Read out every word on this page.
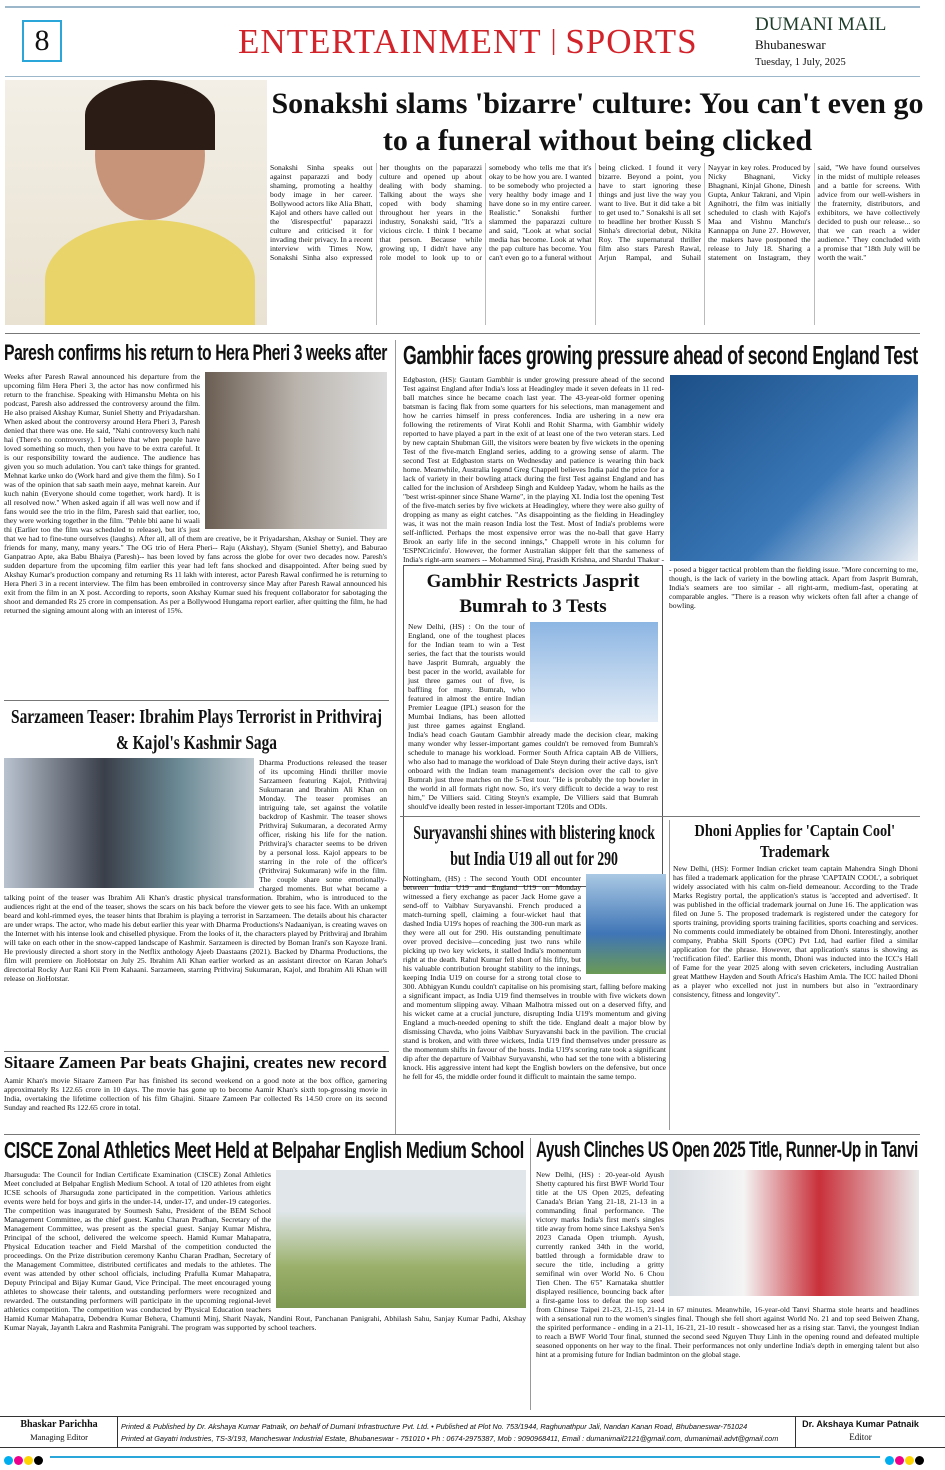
8	ENTERTAINMENT | SPORTS	DUMANI MAIL
Bhubaneswar
Tuesday, 1 July, 2025
Sonakshi slams 'bizarre' culture: You can't even go to a funeral without being clicked
Sonakshi Sinha speaks out against paparazzi and body shaming, promoting a healthy body image in her career. Bollywood actors like Alia Bhatt, Kajol and others have called out the 'disrespectful' paparazzi culture and criticised it for invading their privacy. In a recent interview with Times Now, Sonakshi Sinha also expressed her thoughts on the paparazzi culture and opened up about dealing with body shaming. Talking about the ways she coped with body shaming throughout her years in the industry, Sonakshi said, "It's a vicious circle. I think I became that person. Because while growing up, I didn't have any role model to look up to or somebody who tells me that it's okay to be how you are. I wanted to be somebody who projected a very healthy body image and I have done so in my entire career. Realistic." Sonakshi further slammed the paparazzi culture and said, "Look at what social media has become. Look at what the pap culture has become. You can't even go to a funeral without being clicked. I found it very bizarre. Beyond a point, you have to start ignoring these things and just live the way you want to live. But it did take a bit to get used to." Sonakshi is all set to headline her brother Kussh S Sinha's directorial debut, Nikita Roy. The supernatural thriller film also stars Paresh Rawal, Arjun Rampal, and Suhail Nayyar in key roles. Produced by Nicky Bhagnani, Vicky Bhagnani, Kinjal Ghone, Dinesh Gupta, Ankur Takrani, and Vipin Agnihotri, the film was initially scheduled to clash with Kajol's Maa and Vishnu Manchu's Kannappa on June 27. However, the makers have postponed the release to July 18. Sharing a statement on Instagram, they said, "We have found ourselves in the midst of multiple releases and a battle for screens. With advice from our well-wishers in the fraternity, distributors, and exhibitors, we have collectively decided to push our release... so that we can reach a wider audience." They concluded with a promise that "18th July will be worth the wait."
Paresh confirms his return to Hera Pheri 3 weeks after
Weeks after Paresh Rawal announced his departure from the upcoming film Hera Pheri 3, the actor has now confirmed his return to the franchise. Speaking with Himanshu Mehta on his podcast, Paresh also addressed the controversy around the film. He also praised Akshay Kumar, Suniel Shetty and Priyadarshan. When asked about the controversy around Hera Pheri 3, Paresh denied that there was one. He said, "Nahi controversy kuch nahi hai (There's no controversy). I believe that when people have loved something so much, then you have to be extra careful. It is our responsibility toward the audience. The audience has given you so much adulation. You can't take things for granted. Mehnat karke unko do (Work hard and give them the film). So I was of the opinion that sab saath mein aaye, mehnat karein. Aur kuch nahin (Everyone should come together, work hard). It is all resolved now." When asked again if all was well now and if fans would see the trio in the film, Paresh said that earlier, too, they were working together in the film. "Pehle bhi aane hi waali thi (Earlier too the film was scheduled to release), but it's just that we had to fine-tune ourselves (laughs). After all, all of them are creative, be it Priyadarshan, Akshay or Suniel. They are friends for many, many, many years." The OG trio of Hera Pheri-- Raju (Akshay), Shyam (Suniel Shetty), and Baburao Ganpatrao Apte, aka Babu Bhaiya (Paresh)-- has been loved by fans across the globe for over two decades now. Paresh's sudden departure from the upcoming film earlier this year had left fans shocked and disappointed. After being sued by Akshay Kumar's production company and returning Rs 11 lakh with interest, actor Paresh Rawal confirmed he is returning to Hera Pheri 3 in a recent interview. The film has been embroiled in controversy since May after Paresh Rawal announced his exit from the film in an X post. According to reports, soon Akshay Kumar sued his frequent collaborator for sabotaging the shoot and demanded Rs 25 crore in compensation. As per a Bollywood Hungama report earlier, after quitting the film, he had returned the signing amount along with an interest of 15%.
Gambhir faces growing pressure ahead of second England Test
Gambhir Restricts Jasprit Bumrah to 3 Tests
New Delhi, (HS) : On the tour of England, one of the toughest places for the Indian team to win a Test series, the fact that the tourists would have Jasprit Bumrah, arguably the best pacer in the world, available for just three games out of five, is baffling for many. Bumrah, who featured in almost the entire Indian Premier League (IPL) season for the Mumbai Indians, has been allotted just three games against England. India's head coach Gautam Gambhir already made the decision clear, making many wonder why lesser-important games couldn't be removed from Bumrah's schedule to manage his workload. Former South Africa captain AB de Villiers, who also had to manage the workload of Dale Steyn during their active days, isn't onboard with the Indian team management's decision over the call to give Bumrah just three matches on the 5-Test tour. "He is probably the top bowler in the world in all formats right now. So, it's very difficult to decide a way to rest him," De Villiers said. Citing Steyn's example, De Villiers said that Bumrah should've ideally been rested in lesser-important T20Is and ODIs.
Edgbaston, (HS): Gautam Gambhir is under growing pressure ahead of the second Test against England after India's loss at Headingley made it seven defeats in 11 red-ball matches since he became coach last year. The 43-year-old former opening batsman is facing flak from some quarters for his selections, man management and how he carries himself in press conferences. India are ushering in a new era following the retirements of Virat Kohli and Rohit Sharma, with Gambhir widely reported to have played a part in the exit of at least one of the two veteran stars. Led by new captain Shubman Gill, the visitors were beaten by five wickets in the opening Test of the five-match England series, adding to a growing sense of alarm. The second Test at Edgbaston starts on Wednesday and patience is wearing thin back home. Meanwhile, Australia legend Greg Chappell believes India paid the price for a lack of variety in their bowling attack during the first Test against England and has called for the inclusion of Arshdeep Singh and Kuldeep Yadav, whom he hails as the "best wrist-spinner since Shane Warne", in the playing XI. India lost the opening Test of the five-match series by five wickets at Headingley, where they were also guilty of dropping as many as eight catches. "As disappointing as the fielding in Headingley was, it was not the main reason India lost the Test. Most of India's problems were self-inflicted. Perhaps the most expensive error was the no-ball that gave Harry Brook an early life in the second innings," Chappell wrote in his column for 'ESPNCricinfo'. However, the former Australian skipper felt that the sameness of India's right-arm seamers -- Mohammed Siraj, Prasidh Krishna, and Shardul Thakur -- posed a bigger tactical problem than the fielding issue. "More concerning to me, though, is the lack of variety in the bowling attack. Apart from Jasprit Bumrah, India's seamers are too similar - all right-arm, medium-fast, operating at comparable angles. "There is a reason why wickets often fall after a change of bowling.
Sarzameen Teaser: Ibrahim Plays Terrorist in Prithviraj & Kajol's Kashmir Saga
Dharma Productions released the teaser of its upcoming Hindi thriller movie Sarzameen featuring Kajol, Prithviraj Sukumaran and Ibrahim Ali Khan on Monday. The teaser promises an intriguing tale, set against the volatile backdrop of Kashmir. The teaser shows Prithviraj Sukumaran, a decorated Army officer, risking his life for the nation. Prithviraj's character seems to be driven by a personal loss. Kajol appears to be starring in the role of the officer's (Prithviraj Sukumaran) wife in the film. The couple share some emotionally-charged moments. But what became a talking point of the teaser was Ibrahim Ali Khan's drastic physical transformation. Ibrahim, who is introduced to the audiences right at the end of the teaser, shows the scars on his back before the viewer gets to see his face. With an unkempt beard and kohl-rimmed eyes, the teaser hints that Ibrahim is playing a terrorist in Sarzameen. The details about his character are under wraps. The actor, who made his debut earlier this year with Dharma Productions's Nadaaniyan, is creating waves on the Internet with his intense look and chiselled physique. From the looks of it, the characters played by Prithviraj and Ibrahim will take on each other in the snow-capped landscape of Kashmir. Sarzameen is directed by Boman Irani's son Kayoze Irani. He previously directed a short story in the Netflix anthology Ajeeb Daastaans (2021). Backed by Dharma Productions, the film will premiere on JioHotstar on July 25. Ibrahim Ali Khan earlier worked as an assistant director on Karan Johar's directorial Rocky Aur Rani Kii Prem Kahaani. Sarzameen, starring Prithviraj Sukumaran, Kajol, and Ibrahim Ali Khan will release on JioHotstar.
Sitaare Zameen Par beats Ghajini, creates new record
Aamir Khan's movie Sitaare Zameen Par has finished its second weekend on a good note at the box office, garnering approximately Rs 122.65 crore in 10 days. The movie has gone up to become Aamir Khan's sixth top-grossing movie in India, overtaking the lifetime collection of his film Ghajini. Sitaare Zameen Par collected Rs 14.50 crore on its second Sunday and reached Rs 122.65 crore in total.
Suryavanshi shines with blistering knock but India U19 all out for 290
Nottingham, (HS) : The second Youth ODI encounter between India U19 and England U19 on Monday witnessed a fiery exchange as pacer Jack Home gave a send-off to Vaibhav Suryavanshi. French produced a match-turning spell, claiming a four-wicket haul that dashed India U19's hopes of reaching the 300-run mark as they were all out for 290. His outstanding penultimate over proved decisive—conceding just two runs while picking up two key wickets, it stalled India's momentum right at the death. Rahul Kumar fell short of his fifty, but his valuable contribution brought stability to the innings, keeping India U19 on course for a strong total close to 300. Abhigyan Kundu couldn't capitalise on his promising start, falling before making a significant impact, as India U19 find themselves in trouble with five wickets down and momentum slipping away. Vihaan Malhotra missed out on a deserved fifty, and his wicket came at a crucial juncture, disrupting India U19's momentum and giving England a much-needed opening to shift the tide. England dealt a major blow by dismissing Chavda, who joins Vaibhav Suryavanshi back in the pavilion. The crucial stand is broken, and with three wickets, India U19 find themselves under pressure as the momentum shifts in favour of the hosts. India U19's scoring rate took a significant dip after the departure of Vaibhav Suryavanshi, who had set the tone with a blistering knock. His aggressive intent had kept the English bowlers on the defensive, but once he fell for 45, the middle order found it difficult to maintain the same tempo.
Dhoni Applies for 'Captain Cool' Trademark
New Delhi, (HS): Former Indian cricket team captain Mahendra Singh Dhoni has filed a trademark application for the phrase 'CAPTAIN COOL', a sobriquet widely associated with his calm on-field demeanour. According to the Trade Marks Registry portal, the application's status is 'accepted and advertised'. It was published in the official trademark journal on June 16. The application was filed on June 5. The proposed trademark is registered under the category for sports training, providing sports training facilities, sports coaching and services. No comments could immediately be obtained from Dhoni. Interestingly, another company, Prabha Skill Sports (OPC) Pvt Ltd, had earlier filed a similar application for the phrase. However, that application's status is showing as 'rectification filed'. Earlier this month, Dhoni was inducted into the ICC's Hall of Fame for the year 2025 along with seven cricketers, including Australian great Matthew Hayden and South Africa's Hashim Amla. The ICC hailed Dhoni as a player who excelled not just in numbers but also in "extraordinary consistency, fitness and longevity".
CISCE Zonal Athletics Meet Held at Belpahar English Medium School
Jharsuguda: The Council for Indian Certificate Examination (CISCE) Zonal Athletics Meet concluded at Belpahar English Medium School. A total of 120 athletes from eight ICSE schools of Jharsuguda zone participated in the competition. Various athletics events were held for boys and girls in the under-14, under-17, and under-19 categories. The competition was inaugurated by Soumesh Sahu, President of the BEM School Management Committee, as the chief guest. Kanhu Charan Pradhan, Secretary of the Management Committee, was present as the special guest. Sanjay Kumar Mishra, Principal of the school, delivered the welcome speech. Hamid Kumar Mahapatra, Physical Education teacher and Field Marshal of the competition conducted the proceedings. On the Prize distribution ceremony Kanhu Charan Pradhan, Secretary of the Management Committee, distributed certificates and medals to the athletes. The event was attended by other school officials, including Prafulla Kumar Mahapatra, Deputy Principal and Bijay Kumar Gaud, Vice Principal. The meet encouraged young athletes to showcase their talents, and outstanding performers were recognized and rewarded. The outstanding performers will participate in the upcoming regional-level athletics competition. The competition was conducted by Physical Education teachers Hamid Kumar Mahapatra, Debendra Kumar Behera, Chamunti Minj, Sharit Nayak, Nandini Rout, Panchanan Panigrahi, Abhilash Sahu, Sanjay Kumar Padhi, Akshay Kumar Nayak, Jayanth Lakra and Rashmita Panigrahi. The program was supported by school teachers.
Ayush Clinches US Open 2025 Title, Runner-Up in Tanvi
New Delhi, (HS) : 20-year-old Ayush Shetty captured his first BWF World Tour title at the US Open 2025, defeating Canada's Brian Yang 21-18, 21-13 in a commanding final performance. The victory marks India's first men's singles title away from home since Lakshya Sen's 2023 Canada Open triumph. Ayush, currently ranked 34th in the world, battled through a formidable draw to secure the title, including a gritty semifinal win over World No. 6 Chou Tien Chen. The 6'5" Karnataka shuttler displayed resilience, bouncing back after a first-game loss to defeat the top seed from Chinese Taipei 21-23, 21-15, 21-14 in 67 minutes. Meanwhile, 16-year-old Tanvi Sharma stole hearts and headlines with a sensational run to the women's singles final. Though she fell short against World No. 21 and top seed Beiwen Zhang, the spirited performance - ending in a 21-11, 16-21, 21-10 result - showcased her as a rising star. Tanvi, the youngest Indian to reach a BWF World Tour final, stunned the second seed Nguyen Thuy Linh in the opening round and defeated multiple seasoned opponents on her way to the final. Their performances not only underline India's depth in emerging talent but also hint at a promising future for Indian badminton on the global stage.
Bhaskar Parichha
Managing Editor
Printed & Published by Dr. Akshaya Kumar Patnaik, on behalf of Dumani Infrastructure Pvt. Ltd. • Published at Plot No. 753/1944, Raghunathpur Jali, Nandan Kanan Road, Bhubaneswar-751024
Printed at Gayatri Industries, TS-3/193, Mancheswar Industrial Estate, Bhubaneswar - 751010 • Ph : 0674-2975387, Mob : 9090968411, Email : dumanimail2121@gmail.com, dumanimail.advt@gmail.com
Dr. Akshaya Kumar Patnaik
Editor
